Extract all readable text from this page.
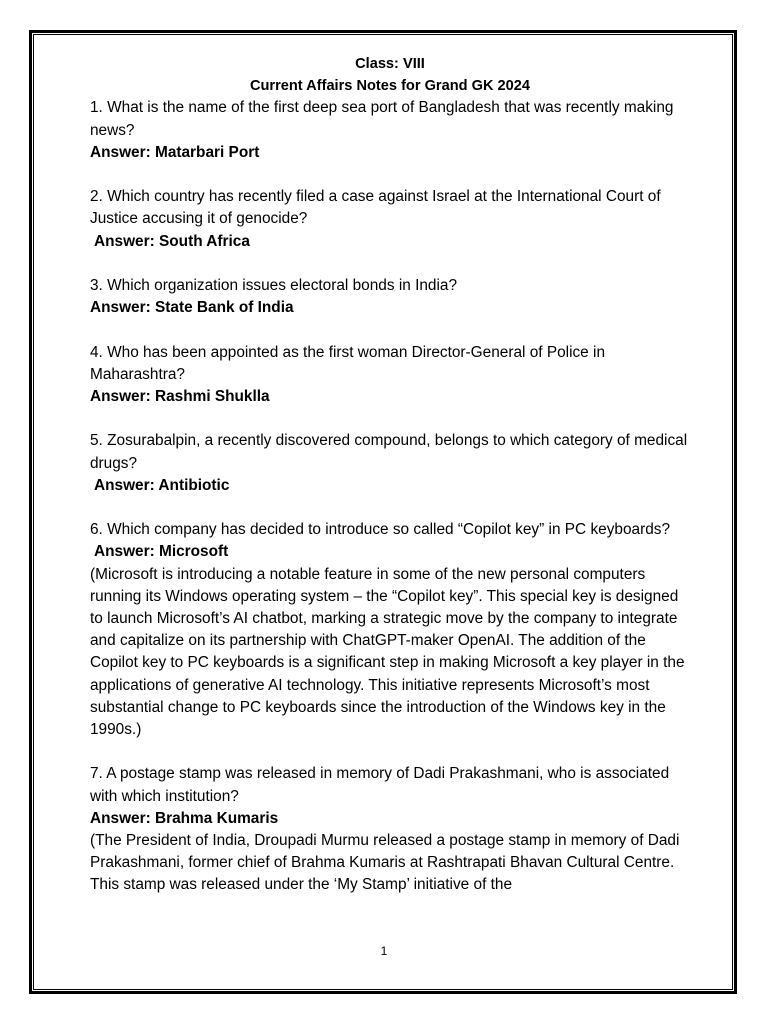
Class: VIII
Current Affairs Notes for Grand GK 2024

1. What is the name of the first deep sea port of Bangladesh that was recently making news?

Answer: Matarbari Port

2. Which country has recently filed a case against Israel at the International Court of Justice accusing it of genocide?

Answer: South Africa

3. Which organization issues electoral bonds in India?

Answer: State Bank of India

4. Who has been appointed as the first woman Director-General of Police in Maharashtra?

Answer: Rashmi Shuklla

5. Zosurabalpin, a recently discovered compound, belongs to which category of medical drugs?

Answer: Antibiotic

6. Which company has decided to introduce so called “Copilot key” in PC keyboards?

Answer: Microsoft

(Microsoft is introducing a notable feature in some of the new personal computers running its Windows operating system – the “Copilot key”. This special key is designed to launch Microsoft’s AI chatbot, marking a strategic move by the company to integrate and capitalize on its partnership with ChatGPT-maker OpenAI. The addition of the Copilot key to PC keyboards is a significant step in making Microsoft a key player in the applications of generative AI technology. This initiative represents Microsoft’s most substantial change to PC keyboards since the introduction of the Windows key in the 1990s.)

7. A postage stamp was released in memory of Dadi Prakashmani, who is associated with which institution?

Answer: Brahma Kumaris

(The President of India, Droupadi Murmu released a postage stamp in memory of Dadi Prakashmani, former chief of Brahma Kumaris at Rashtrapati Bhavan Cultural Centre. This stamp was released under the ‘My Stamp’ initiative of the

1
